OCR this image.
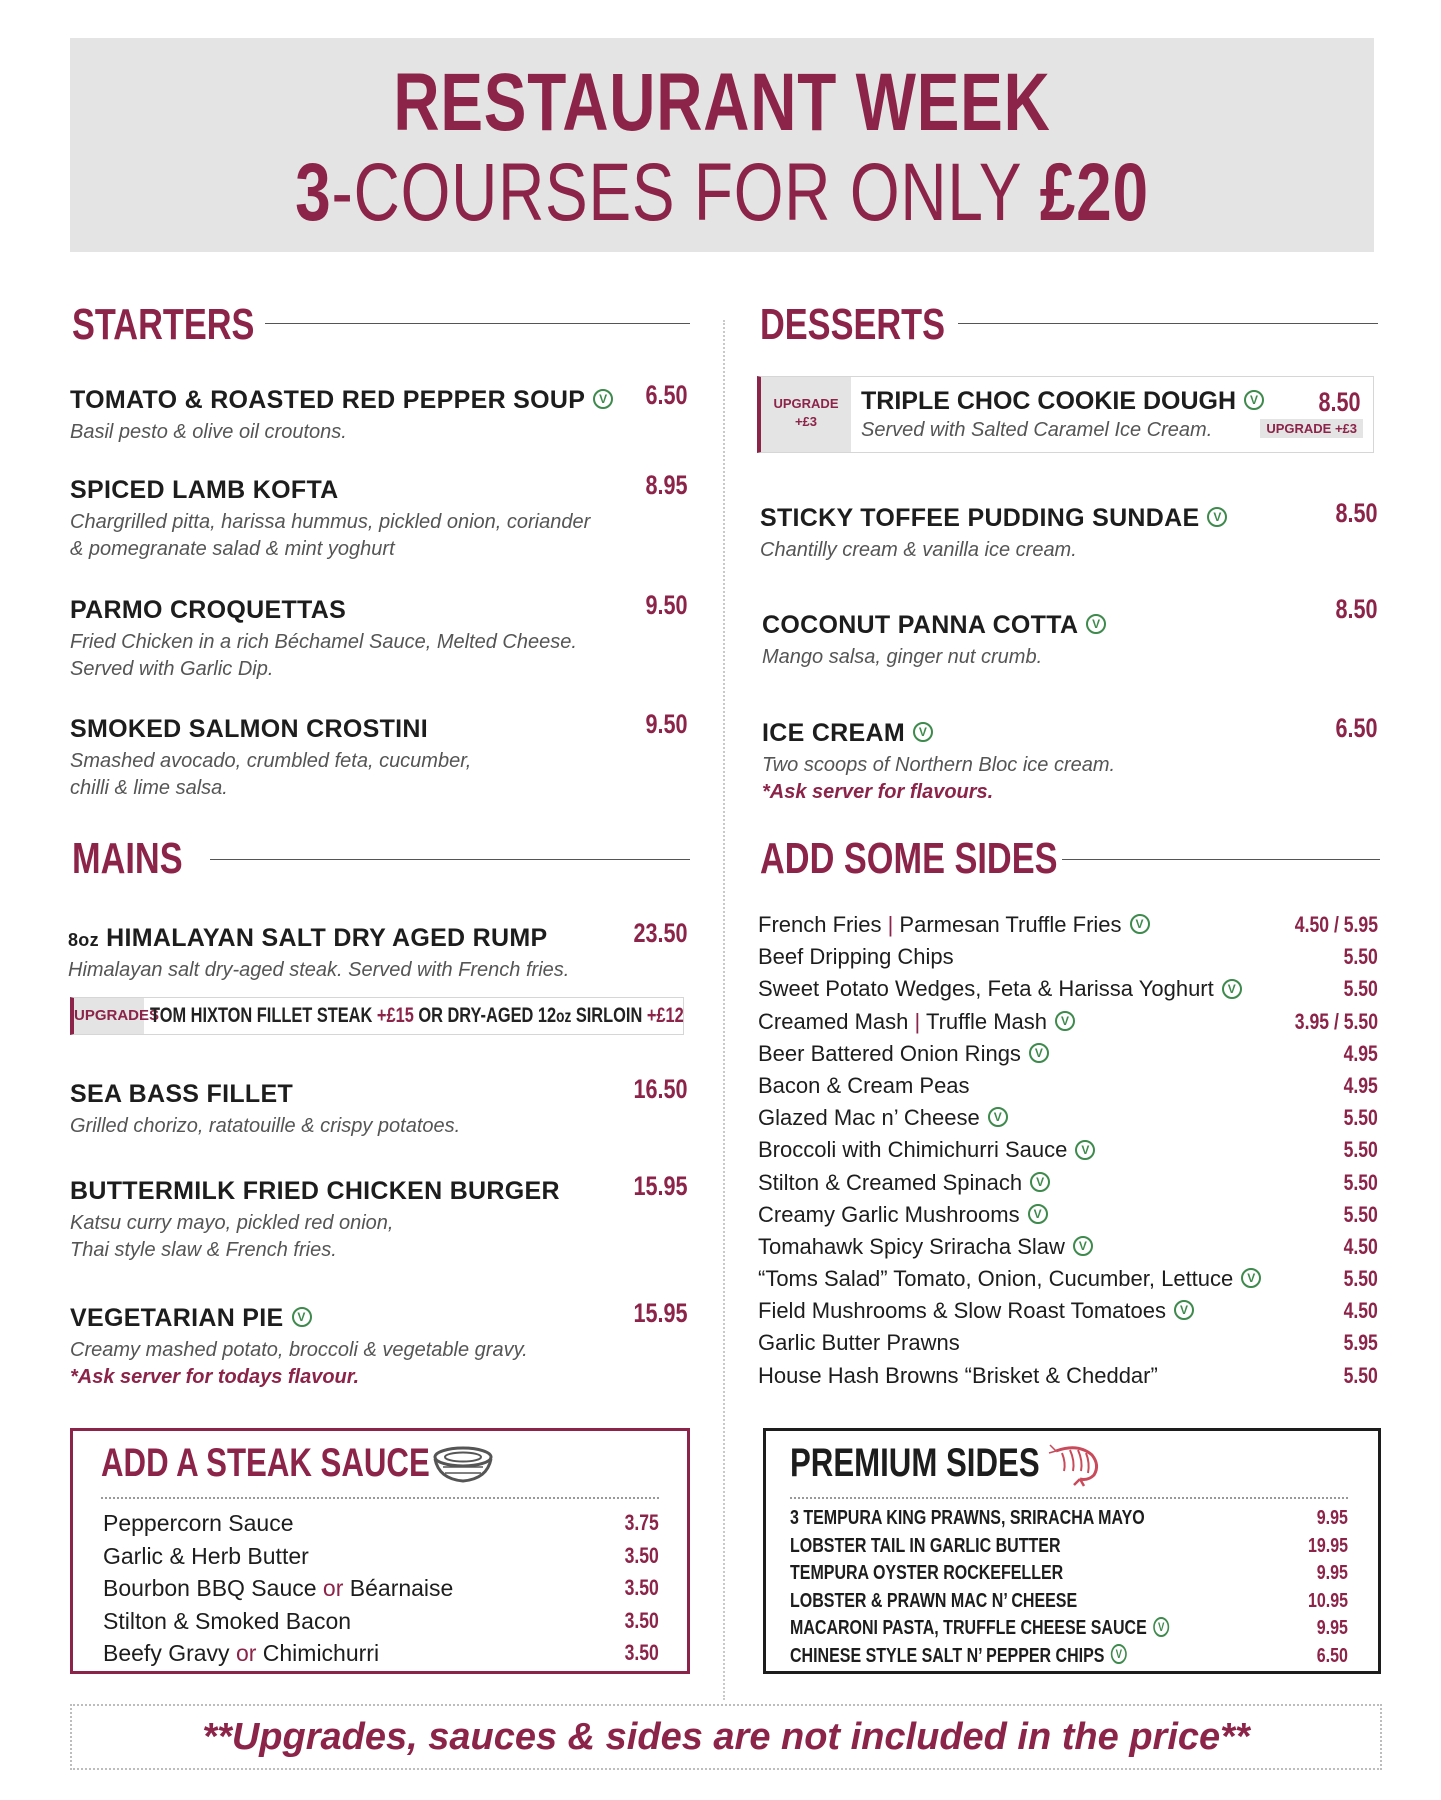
RESTAURANT WEEK
3-COURSES FOR ONLY £20
STARTERS
TOMATO & ROASTED RED PEPPER SOUP V
Basil pesto & olive oil croutons.
6.50
SPICED LAMB KOFTA
Chargrilled pitta, harissa hummus, pickled onion, coriander
& pomegranate salad & mint yoghurt
8.95
PARMO CROQUETTAS
Fried Chicken in a rich Béchamel Sauce, Melted Cheese.
Served with Garlic Dip.
9.50
SMOKED SALMON CROSTINI
Smashed avocado, crumbled feta, cucumber,
chilli & lime salsa.
9.50
MAINS
8oz HIMALAYAN SALT DRY AGED RUMP
Himalayan salt dry-aged steak. Served with French fries.
23.50
UPGRADES
TOM HIXTON FILLET STEAK +£15 OR DRY-AGED 12oz SIRLOIN +£12
SEA BASS FILLET
Grilled chorizo, ratatouille & crispy potatoes.
16.50
BUTTERMILK FRIED CHICKEN BURGER
Katsu curry mayo, pickled red onion,
Thai style slaw & French fries.
15.95
VEGETARIAN PIE V
Creamy mashed potato, broccoli & vegetable gravy.
*Ask server for todays flavour.
15.95
DESSERTS
UPGRADE
+£3
TRIPLE CHOC COOKIE DOUGH V
Served with Salted Caramel Ice Cream.
8.50
UPGRADE +£3
STICKY TOFFEE PUDDING SUNDAE V
Chantilly cream & vanilla ice cream.
8.50
COCONUT PANNA COTTA V
Mango salsa, ginger nut crumb.
8.50
ICE CREAM V
Two scoops of Northern Bloc ice cream.
*Ask server for flavours.
6.50
ADD SOME SIDES
French Fries | Parmesan Truffle Fries V	4.50 / 5.95
Beef Dripping Chips	5.50
Sweet Potato Wedges, Feta & Harissa Yoghurt V	5.50
Creamed Mash | Truffle Mash V	3.95 / 5.50
Beer Battered Onion Rings V	4.95
Bacon & Cream Peas	4.95
Glazed Mac n’ Cheese V	5.50
Broccoli with Chimichurri Sauce V	5.50
Stilton & Creamed Spinach V	5.50
Creamy Garlic Mushrooms V	5.50
Tomahawk Spicy Sriracha Slaw V	4.50
“Toms Salad” Tomato, Onion, Cucumber, Lettuce V	5.50
Field Mushrooms & Slow Roast Tomatoes V	4.50
Garlic Butter Prawns	5.95
House Hash Browns “Brisket & Cheddar”	5.50
ADD A STEAK SAUCE
Peppercorn Sauce	3.75
Garlic & Herb Butter	3.50
Bourbon BBQ Sauce or Béarnaise	3.50
Stilton & Smoked Bacon	3.50
Beefy Gravy or Chimichurri	3.50
PREMIUM SIDES
3 TEMPURA KING PRAWNS, SRIRACHA MAYO	9.95
LOBSTER TAIL IN GARLIC BUTTER	19.95
TEMPURA OYSTER ROCKEFELLER	9.95
LOBSTER & PRAWN MAC N’ CHEESE	10.95
MACARONI PASTA, TRUFFLE CHEESE SAUCE V	9.95
CHINESE STYLE SALT N’ PEPPER CHIPS V	6.50
**Upgrades, sauces & sides are not included in the price**
